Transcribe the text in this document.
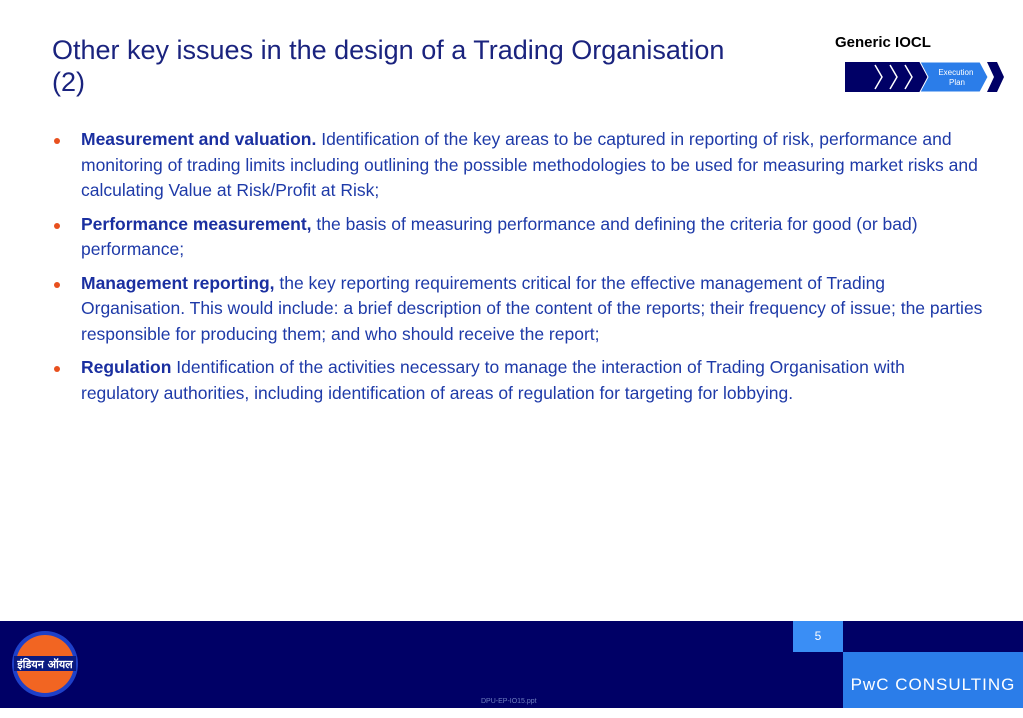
Other key issues in the design of a Trading Organisation (2)
Generic IOCL
Execution Plan
Measurement and valuation. Identification of the key areas to be captured in reporting of risk, performance and monitoring of trading limits including outlining the possible methodologies to be used for measuring market risks and calculating Value at Risk/Profit at Risk;
Performance measurement, the basis of measuring performance and defining the criteria for good (or bad) performance;
Management reporting, the key reporting requirements critical for the effective management of Trading Organisation. This would include: a brief description of the content of the reports; their frequency of issue; the parties responsible for producing them; and who should receive the report;
Regulation Identification of the activities necessary to manage the interaction of Trading Organisation with regulatory authorities, including identification of areas of regulation for targeting for lobbying.
5
PwC CONSULTING
इंडियन ऑयल
DPU-EP-IO15.ppt
